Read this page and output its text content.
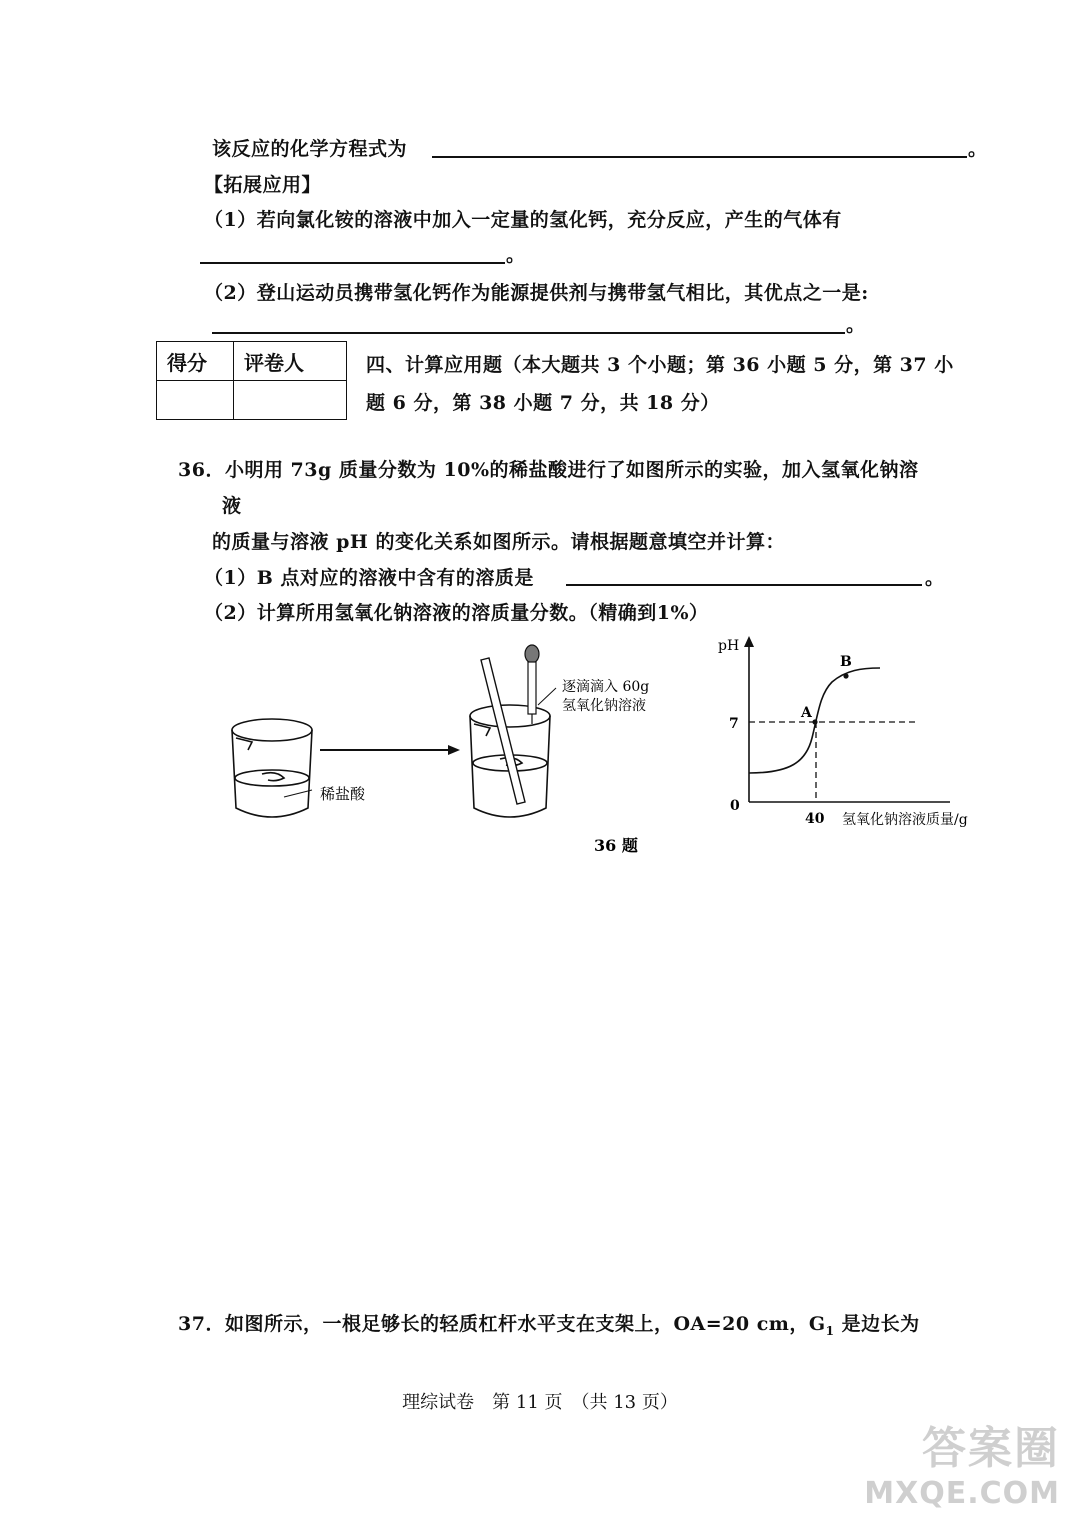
该反应的化学方程式为	。
【拓展应用】
（1）若向氯化铵的溶液中加入一定量的氢化钙，充分反应，产生的气体有
。
（2）登山运动员携带氢化钙作为能源提供剂与携带氢气相比，其优点之一是:
。
得分	评卷人
		四、计算应用题（本大题共 3 个小题；第 36 小题 5 分，第 37 小
题 6 分，第 38 小题 7 分，共 18 分）
36．小明用 73g 质量分数为 10%的稀盐酸进行了如图所示的实验，加入氢氧化钠溶
液
的质量与溶液 pH 的变化关系如图所示。请根据题意填空并计算：
（1）B 点对应的溶液中含有的溶质是	。
（2）计算所用氢氧化钠溶液的溶质量分数。（精确到1%）
稀盐酸
逐滴滴入 60g
氢氧化钠溶液
pH
0
7
40 氢氧化钠溶液质量/g
A
B
36 题
37．如图所示，一根足够长的轻质杠杆水平支在支架上，OA=20 cm，$G_1$ 是边长为
理综试卷　第 11 页　（共 13 页）
答案圈
MXQE.COM
